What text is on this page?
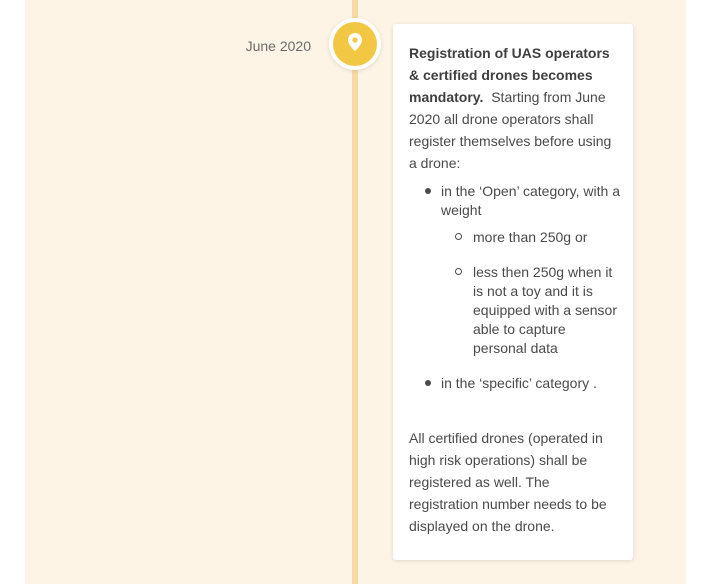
June 2020	Registration of UAS operators & certified drones becomes mandatory. Starting from June 2020 all drone operators shall register themselves before using a drone:
in the ‘Open’ category, with a weight
more than 250g or
less then 250g when it is not a toy and it is equipped with a sensor able to capture personal data
in the ‘specific’ category .
All certified drones (operated in high risk operations) shall be registered as well. The registration number needs to be displayed on the drone.
